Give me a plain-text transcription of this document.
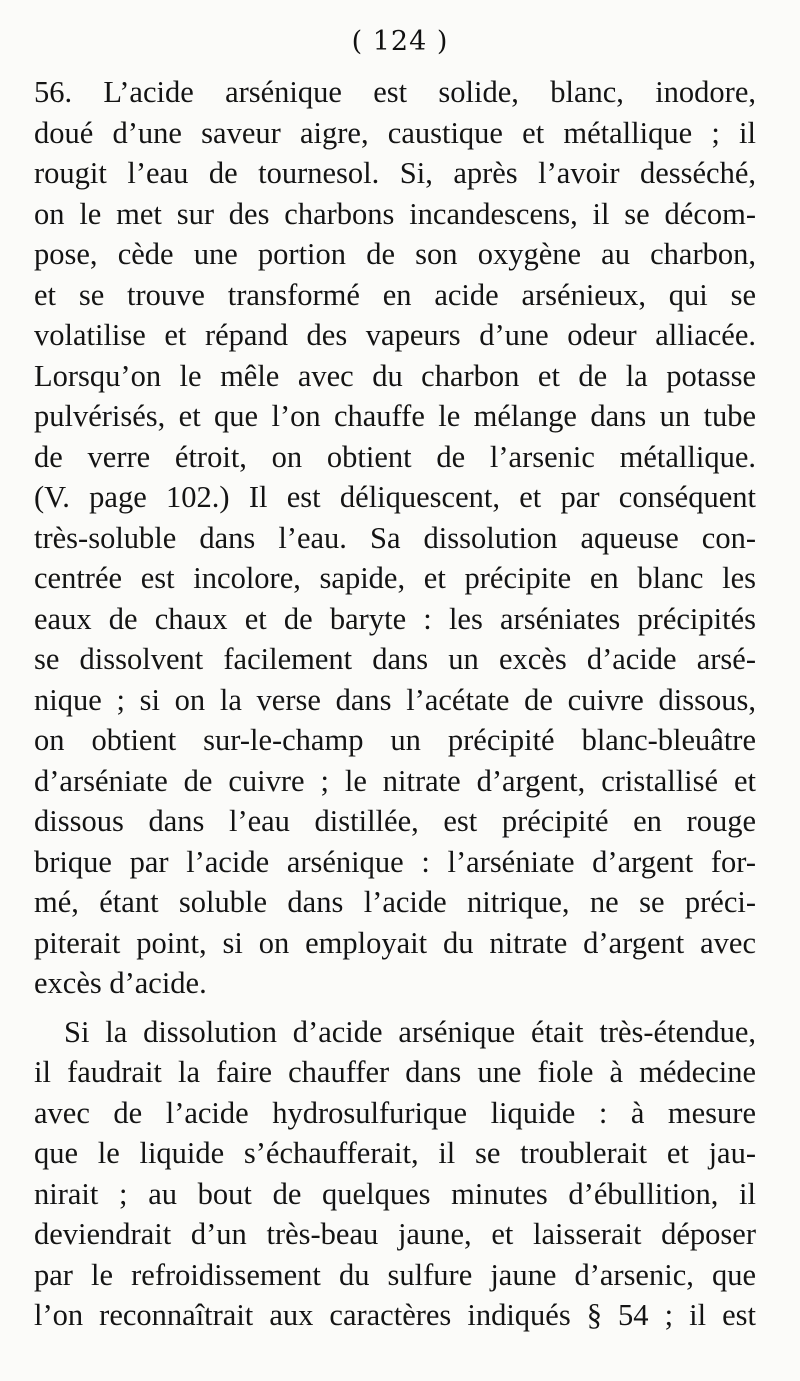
( 124 )
56. L’acide arsénique est solide, blanc, inodore,
doué d’une saveur aigre, caustique et métallique ; il
rougit l’eau de tournesol. Si, après l’avoir desséché,
on le met sur des charbons incandescens, il se décom-
pose, cède une portion de son oxygène au charbon,
et se trouve transformé en acide arsénieux, qui se
volatilise et répand des vapeurs d’une odeur alliacée.
Lorsqu’on le mêle avec du charbon et de la potasse
pulvérisés, et que l’on chauffe le mélange dans un tube
de verre étroit, on obtient de l’arsenic métallique.
(V. page 102.) Il est déliquescent, et par conséquent
très-soluble dans l’eau. Sa dissolution aqueuse con-
centrée est incolore, sapide, et précipite en blanc les
eaux de chaux et de baryte : les arséniates précipités
se dissolvent facilement dans un excès d’acide arsé-
nique ; si on la verse dans l’acétate de cuivre dissous,
on obtient sur-le-champ un précipité blanc-bleuâtre
d’arséniate de cuivre ; le nitrate d’argent, cristallisé et
dissous dans l’eau distillée, est précipité en rouge
brique par l’acide arsénique : l’arséniate d’argent for-
mé, étant soluble dans l’acide nitrique, ne se préci-
piterait point, si on employait du nitrate d’argent avec
excès d’acide.
Si la dissolution d’acide arsénique était très-étendue,
il faudrait la faire chauffer dans une fiole à médecine
avec de l’acide hydrosulfurique liquide : à mesure
que le liquide s’échaufferait, il se troublerait et jau-
nirait ; au bout de quelques minutes d’ébullition, il
deviendrait d’un très-beau jaune, et laisserait déposer
par le refroidissement du sulfure jaune d’arsenic, que
l’on reconnaîtrait aux caractères indiqués § 54 ; il est
